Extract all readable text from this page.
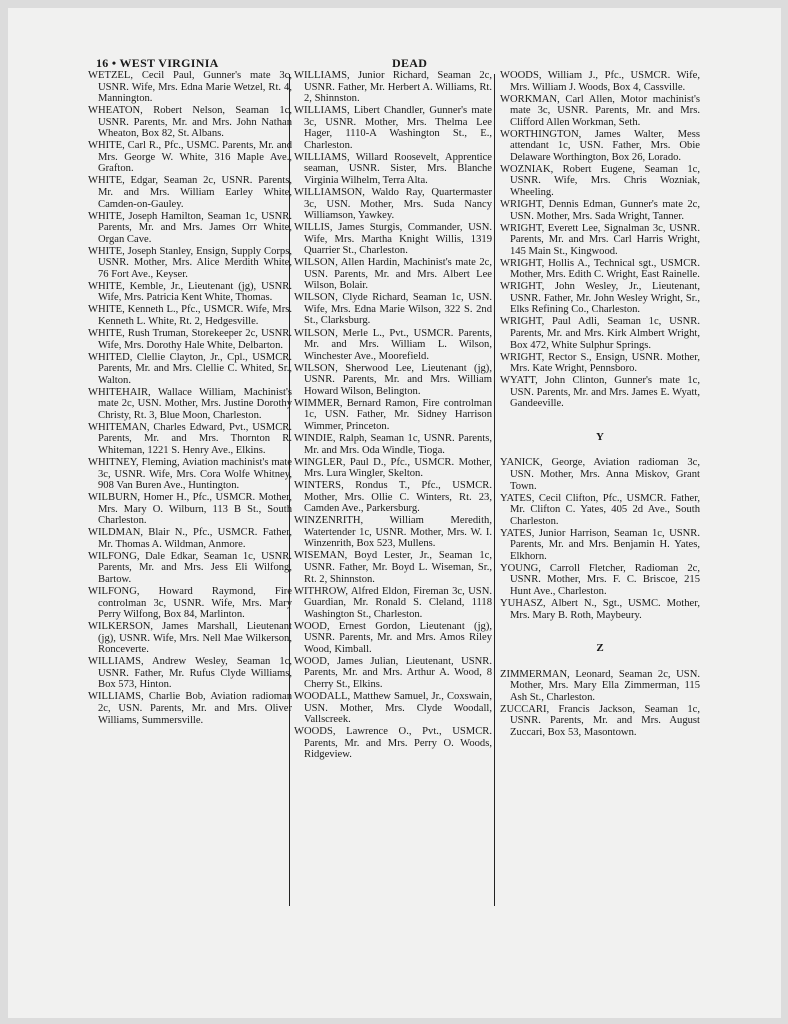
16 • WEST VIRGINIA	DEAD

WETZEL, Cecil Paul, Gunner's mate 3c, USNR. Wife, Mrs. Edna Marie Wetzel, Rt. 4, Mannington.

WHEATON, Robert Nelson, Seaman 1c, USNR. Parents, Mr. and Mrs. John Nathan Wheaton, Box 82, St. Albans.

WHITE, Carl R., Pfc., USMC. Parents, Mr. and Mrs. George W. White, 316 Maple Ave., Grafton.

WHITE, Edgar, Seaman 2c, USNR. Parents, Mr. and Mrs. William Earley White, Camden-on-Gauley.

WHITE, Joseph Hamilton, Seaman 1c, USNR. Parents, Mr. and Mrs. James Orr White, Organ Cave.

WHITE, Joseph Stanley, Ensign, Supply Corps, USNR. Mother, Mrs. Alice Merdith White, 76 Fort Ave., Keyser.

WHITE, Kemble, Jr., Lieutenant (jg), USNR. Wife, Mrs. Patricia Kent White, Thomas.

WHITE, Kenneth L., Pfc., USMCR. Wife, Mrs. Kenneth L. White, Rt. 2, Hedgesville.

WHITE, Rush Truman, Storekeeper 2c, USNR. Wife, Mrs. Dorothy Hale White, Delbarton.

WHITED, Clellie Clayton, Jr., Cpl., USMCR. Parents, Mr. and Mrs. Clellie C. Whited, Sr., Walton.

WHITEHAIR, Wallace William, Machinist's mate 2c, USN. Mother, Mrs. Justine Dorothy Christy, Rt. 3, Blue Moon, Charleston.

WHITEMAN, Charles Edward, Pvt., USMCR. Parents, Mr. and Mrs. Thornton R. Whiteman, 1221 S. Henry Ave., Elkins.

WHITNEY, Fleming, Aviation machinist's mate 3c, USNR. Wife, Mrs. Cora Wolfe Whitney, 908 Van Buren Ave., Huntington.

WILBURN, Homer H., Pfc., USMCR. Mother, Mrs. Mary O. Wilburn, 113 B St., South Charleston.

WILDMAN, Blair N., Pfc., USMCR. Father, Mr. Thomas A. Wildman, Anmore.

WILFONG, Dale Edkar, Seaman 1c, USNR. Parents, Mr. and Mrs. Jess Eli Wilfong, Bartow.

WILFONG, Howard Raymond, Fire controlman 3c, USNR. Wife, Mrs. Mary Perry Wilfong, Box 84, Marlinton.

WILKERSON, James Marshall, Lieutenant (jg), USNR. Wife, Mrs. Nell Mae Wilkerson, Ronceverte.

WILLIAMS, Andrew Wesley, Seaman 1c, USNR. Father, Mr. Rufus Clyde Williams, Box 573, Hinton.

WILLIAMS, Charlie Bob, Aviation radioman 2c, USN. Parents, Mr. and Mrs. Oliver Williams, Summersville.

WILLIAMS, Junior Richard, Seaman 2c, USNR. Father, Mr. Herbert A. Williams, Rt. 2, Shinnston.

WILLIAMS, Libert Chandler, Gunner's mate 3c, USNR. Mother, Mrs. Thelma Lee Hager, 1110-A Washington St., E., Charleston.

WILLIAMS, Willard Roosevelt, Apprentice seaman, USNR. Sister, Mrs. Blanche Virginia Wilhelm, Terra Alta.

WILLIAMSON, Waldo Ray, Quartermaster 3c, USN. Mother, Mrs. Suda Nancy Williamson, Yawkey.

WILLIS, James Sturgis, Commander, USN. Wife, Mrs. Martha Knight Willis, 1319 Quarrier St., Charleston.

WILSON, Allen Hardin, Machinist's mate 2c, USN. Parents, Mr. and Mrs. Albert Lee Wilson, Bolair.

WILSON, Clyde Richard, Seaman 1c, USN. Wife, Mrs. Edna Marie Wilson, 322 S. 2nd St., Clarksburg.

WILSON, Merle L., Pvt., USMCR. Parents, Mr. and Mrs. William L. Wilson, Winchester Ave., Moorefield.

WILSON, Sherwood Lee, Lieutenant (jg), USNR. Parents, Mr. and Mrs. William Howard Wilson, Belington.

WIMMER, Bernard Ramon, Fire controlman 1c, USN. Father, Mr. Sidney Harrison Wimmer, Princeton.

WINDIE, Ralph, Seaman 1c, USNR. Parents, Mr. and Mrs. Oda Windle, Tioga.

WINGLER, Paul D., Pfc., USMCR. Mother, Mrs. Lura Wingler, Skelton.

WINTERS, Rondus T., Pfc., USMCR. Mother, Mrs. Ollie C. Winters, Rt. 23, Camden Ave., Parkersburg.

WINZENRITH, William Meredith, Watertender 1c, USNR. Mother, Mrs. W. I. Winzenrith, Box 523, Mullens.

WISEMAN, Boyd Lester, Jr., Seaman 1c, USNR. Father, Mr. Boyd L. Wiseman, Sr., Rt. 2, Shinnston.

WITHROW, Alfred Eldon, Fireman 3c, USN. Guardian, Mr. Ronald S. Cleland, 1118 Washington St., Charleston.

WOOD, Ernest Gordon, Lieutenant (jg), USNR. Parents, Mr. and Mrs. Amos Riley Wood, Kimball.

WOOD, James Julian, Lieutenant, USNR. Parents, Mr. and Mrs. Arthur A. Wood, 8 Cherry St., Elkins.

WOODALL, Matthew Samuel, Jr., Coxswain, USN. Mother, Mrs. Clyde Woodall, Vallscreek.

WOODS, Lawrence O., Pvt., USMCR. Parents, Mr. and Mrs. Perry O. Woods, Ridgeview.

WOODS, William J., Pfc., USMCR. Wife, Mrs. William J. Woods, Box 4, Cassville.

WORKMAN, Carl Allen, Motor machinist's mate 3c, USNR. Parents, Mr. and Mrs. Clifford Allen Workman, Seth.

WORTHINGTON, James Walter, Mess attendant 1c, USN. Father, Mrs. Obie Delaware Worthington, Box 26, Lorado.

WOZNIAK, Robert Eugene, Seaman 1c, USNR. Wife, Mrs. Chris Wozniak, Wheeling.

WRIGHT, Dennis Edman, Gunner's mate 2c, USN. Mother, Mrs. Sada Wright, Tanner.

WRIGHT, Everett Lee, Signalman 3c, USNR. Parents, Mr. and Mrs. Carl Harris Wright, 145 Main St., Kingwood.

WRIGHT, Hollis A., Technical sgt., USMCR. Mother, Mrs. Edith C. Wright, East Rainelle.

WRIGHT, John Wesley, Jr., Lieutenant, USNR. Father, Mr. John Wesley Wright, Sr., Elks Refining Co., Charleston.

WRIGHT, Paul Adli, Seaman 1c, USNR. Parents, Mr. and Mrs. Kirk Almbert Wright, Box 472, White Sulphur Springs.

WRIGHT, Rector S., Ensign, USNR. Mother, Mrs. Kate Wright, Pennsboro.

WYATT, John Clinton, Gunner's mate 1c, USN. Parents, Mr. and Mrs. James E. Wyatt, Gandeeville.

Y

YANICK, George, Aviation radioman 3c, USN. Mother, Mrs. Anna Miskov, Grant Town.

YATES, Cecil Clifton, Pfc., USMCR. Father, Mr. Clifton C. Yates, 405 2d Ave., South Charleston.

YATES, Junior Harrison, Seaman 1c, USNR. Parents, Mr. and Mrs. Benjamin H. Yates, Elkhorn.

YOUNG, Carroll Fletcher, Radioman 2c, USNR. Mother, Mrs. F. C. Briscoe, 215 Hunt Ave., Charleston.

YUHASZ, Albert N., Sgt., USMC. Mother, Mrs. Mary B. Roth, Maybeury.

Z

ZIMMERMAN, Leonard, Seaman 2c, USN. Mother, Mrs. Mary Ella Zimmerman, 115 Ash St., Charleston.

ZUCCARI, Francis Jackson, Seaman 1c, USNR. Parents, Mr. and Mrs. August Zuccari, Box 53, Masontown.
